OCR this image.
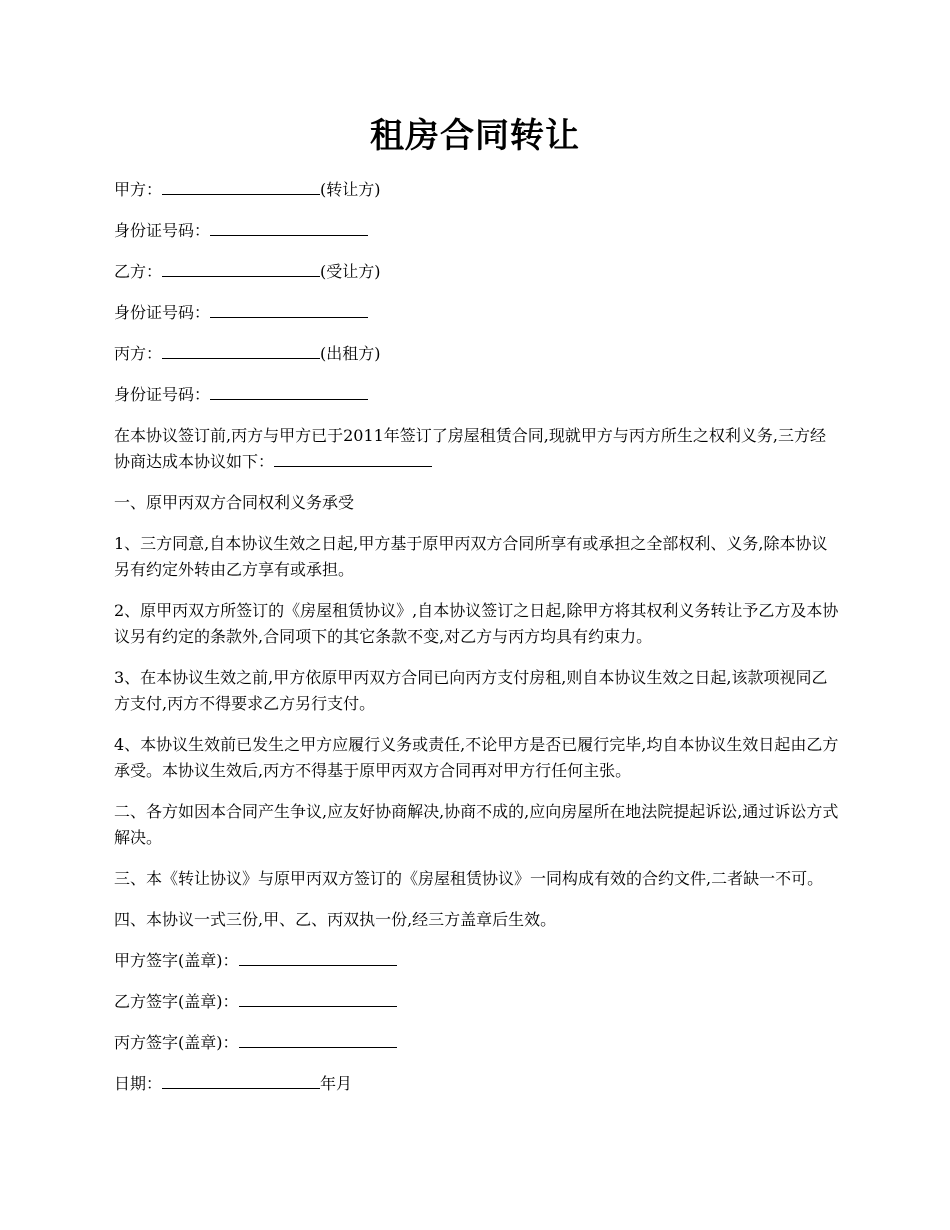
租房合同转让
甲方：	(转让方)
身份证号码：
乙方：	(受让方)
身份证号码：
丙方：	(出租方)
身份证号码：
在本协议签订前,丙方与甲方已于2011年签订了房屋租赁合同,现就甲方与丙方所生之权利义务,三方经协商达成本协议如下：
一、原甲丙双方合同权利义务承受
1、三方同意,自本协议生效之日起,甲方基于原甲丙双方合同所享有或承担之全部权利、义务,除本协议另有约定外转由乙方享有或承担。
2、原甲丙双方所签订的《房屋租赁协议》,自本协议签订之日起,除甲方将其权利义务转让予乙方及本协议另有约定的条款外,合同项下的其它条款不变,对乙方与丙方均具有约束力。
3、在本协议生效之前,甲方依原甲丙双方合同已向丙方支付房租,则自本协议生效之日起,该款项视同乙方支付,丙方不得要求乙方另行支付。
4、本协议生效前已发生之甲方应履行义务或责任,不论甲方是否已履行完毕,均自本协议生效日起由乙方承受。本协议生效后,丙方不得基于原甲丙双方合同再对甲方行任何主张。
二、各方如因本合同产生争议,应友好协商解决,协商不成的,应向房屋所在地法院提起诉讼,通过诉讼方式解决。
三、本《转让协议》与原甲丙双方签订的《房屋租赁协议》一同构成有效的合约文件,二者缺一不可。
四、本协议一式三份,甲、乙、丙双执一份,经三方盖章后生效。
甲方签字(盖章)：
乙方签字(盖章)：
丙方签字(盖章)：
日期：	年月
